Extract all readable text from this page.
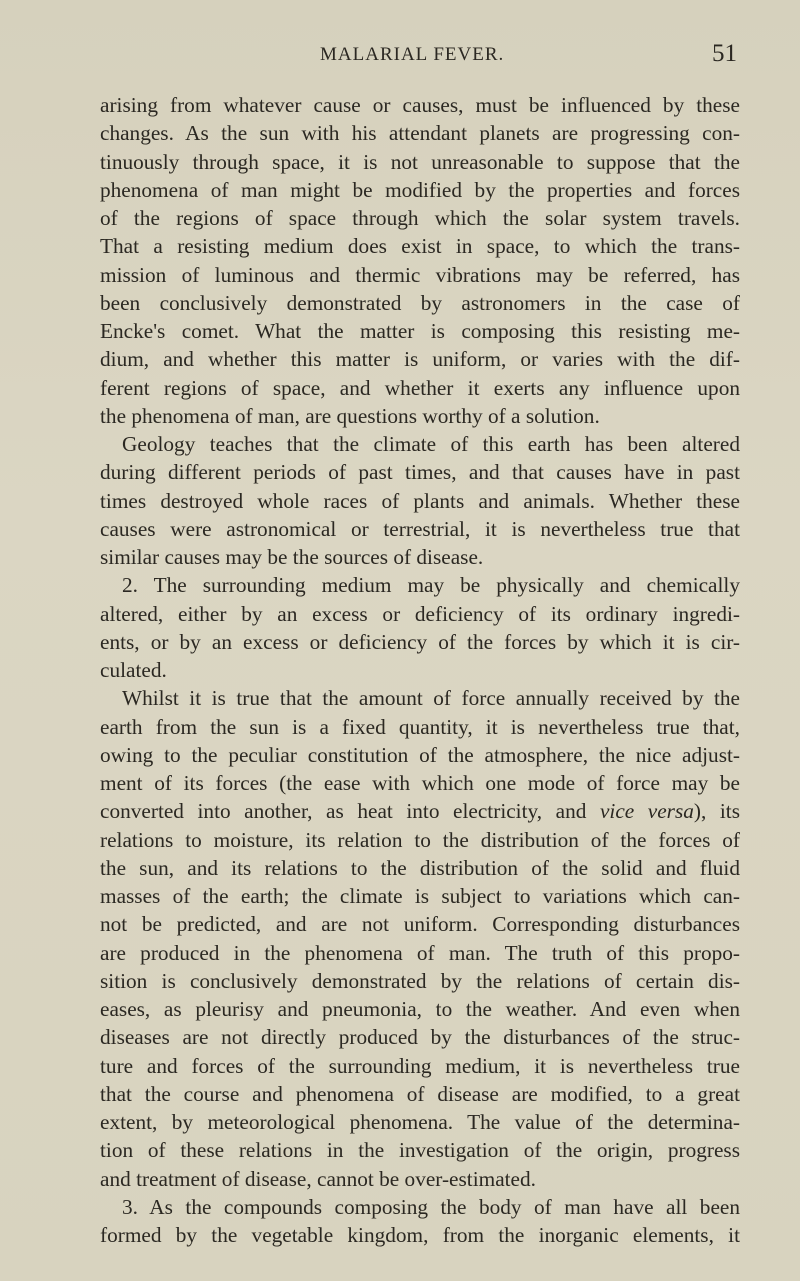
MALARIAL FEVER.	51
arising from whatever cause or causes, must be influenced by these
changes. As the sun with his attendant planets are progressing con-
tinuously through space, it is not unreasonable to suppose that the
phenomena of man might be modified by the properties and forces
of the regions of space through which the solar system travels.
That a resisting medium does exist in space, to which the trans-
mission of luminous and thermic vibrations may be referred, has
been conclusively demonstrated by astronomers in the case of
Encke's comet. What the matter is composing this resisting me-
dium, and whether this matter is uniform, or varies with the dif-
ferent regions of space, and whether it exerts any influence upon
the phenomena of man, are questions worthy of a solution.
Geology teaches that the climate of this earth has been altered
during different periods of past times, and that causes have in past
times destroyed whole races of plants and animals. Whether these
causes were astronomical or terrestrial, it is nevertheless true that
similar causes may be the sources of disease.
2. The surrounding medium may be physically and chemically
altered, either by an excess or deficiency of its ordinary ingredi-
ents, or by an excess or deficiency of the forces by which it is cir-
culated.
Whilst it is true that the amount of force annually received by the
earth from the sun is a fixed quantity, it is nevertheless true that,
owing to the peculiar constitution of the atmosphere, the nice adjust-
ment of its forces (the ease with which one mode of force may be
converted into another, as heat into electricity, and vice versa), its
relations to moisture, its relation to the distribution of the forces of
the sun, and its relations to the distribution of the solid and fluid
masses of the earth; the climate is subject to variations which can-
not be predicted, and are not uniform. Corresponding disturbances
are produced in the phenomena of man. The truth of this propo-
sition is conclusively demonstrated by the relations of certain dis-
eases, as pleurisy and pneumonia, to the weather. And even when
diseases are not directly produced by the disturbances of the struc-
ture and forces of the surrounding medium, it is nevertheless true
that the course and phenomena of disease are modified, to a great
extent, by meteorological phenomena. The value of the determina-
tion of these relations in the investigation of the origin, progress
and treatment of disease, cannot be over-estimated.
3. As the compounds composing the body of man have all been
formed by the vegetable kingdom, from the inorganic elements, it
